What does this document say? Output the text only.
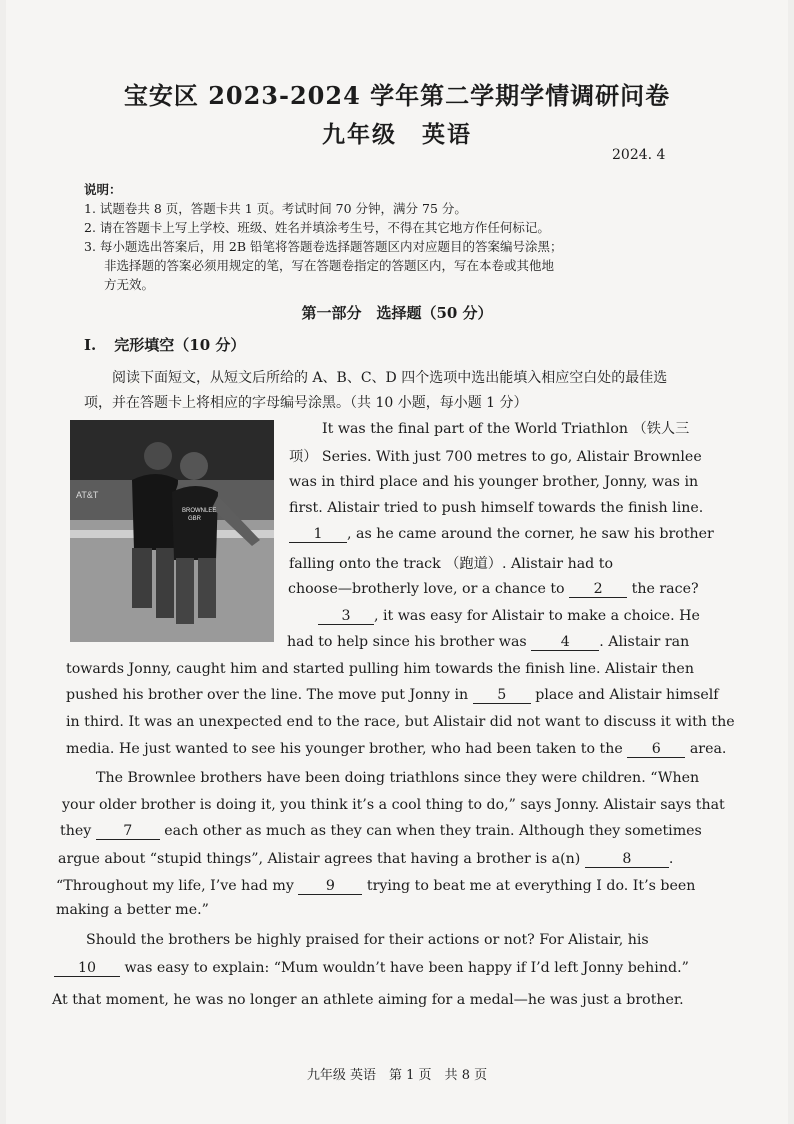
宝安区 2023-2024 学年第二学期学情调研问卷
九年级　英语
2024. 4
说明：
1. 试题卷共 8 页，答题卡共 1 页。考试时间 70 分钟，满分 75 分。
2. 请在答题卡上写上学校、班级、姓名并填涂考生号，不得在其它地方作任何标记。
3. 每小题选出答案后，用 2B 铅笔将答题卷选择题答题区内对应题目的答案编号涂黑；
非选择题的答案必须用规定的笔，写在答题卷指定的答题区内，写在本卷或其他地
方无效。
第一部分　选择题（50 分）
I. 完形填空（10 分）
阅读下面短文，从短文后所给的 A、B、C、D 四个选项中选出能填入相应空白处的最佳选项，并在答题卡上将相应的字母编号涂黑。（共 10 小题，每小题 1 分）
AT&T
BROWNLEE
GBR
It was the final part of the World Triathlon （铁人三
项） Series. With just 700 metres to go, Alistair Brownlee
was in third place and his younger brother, Jonny, was in
first. Alistair tried to push himself towards the finish line.
1 , as he came around the corner, he saw his brother
falling onto the track （跑道）. Alistair had to
choose—brotherly love, or a chance to 2 the race?
3 , it was easy for Alistair to make a choice. He
had to help since his brother was 4 . Alistair ran
towards Jonny, caught him and started pulling him towards the finish line. Alistair then
pushed his brother over the line. The move put Jonny in 5 place and Alistair himself
in third. It was an unexpected end to the race, but Alistair did not want to discuss it with the
media. He just wanted to see his younger brother, who had been taken to the 6 area.
The Brownlee brothers have been doing triathlons since they were children. “When
your older brother is doing it, you think it’s a cool thing to do,” says Jonny. Alistair says that
they 7 each other as much as they can when they train. Although they sometimes
argue about “stupid things”, Alistair agrees that having a brother is a(n)	8	.
“Throughout my life, I’ve had my 9 trying to beat me at everything I do. It’s been
making a better me.”
Should the brothers be highly praised for their actions or not? For Alistair, his
10 was easy to explain: “Mum wouldn’t have been happy if I’d left Jonny behind.”
At that moment, he was no longer an athlete aiming for a medal—he was just a brother.
九年级 英语　第 1 页　共 8 页
